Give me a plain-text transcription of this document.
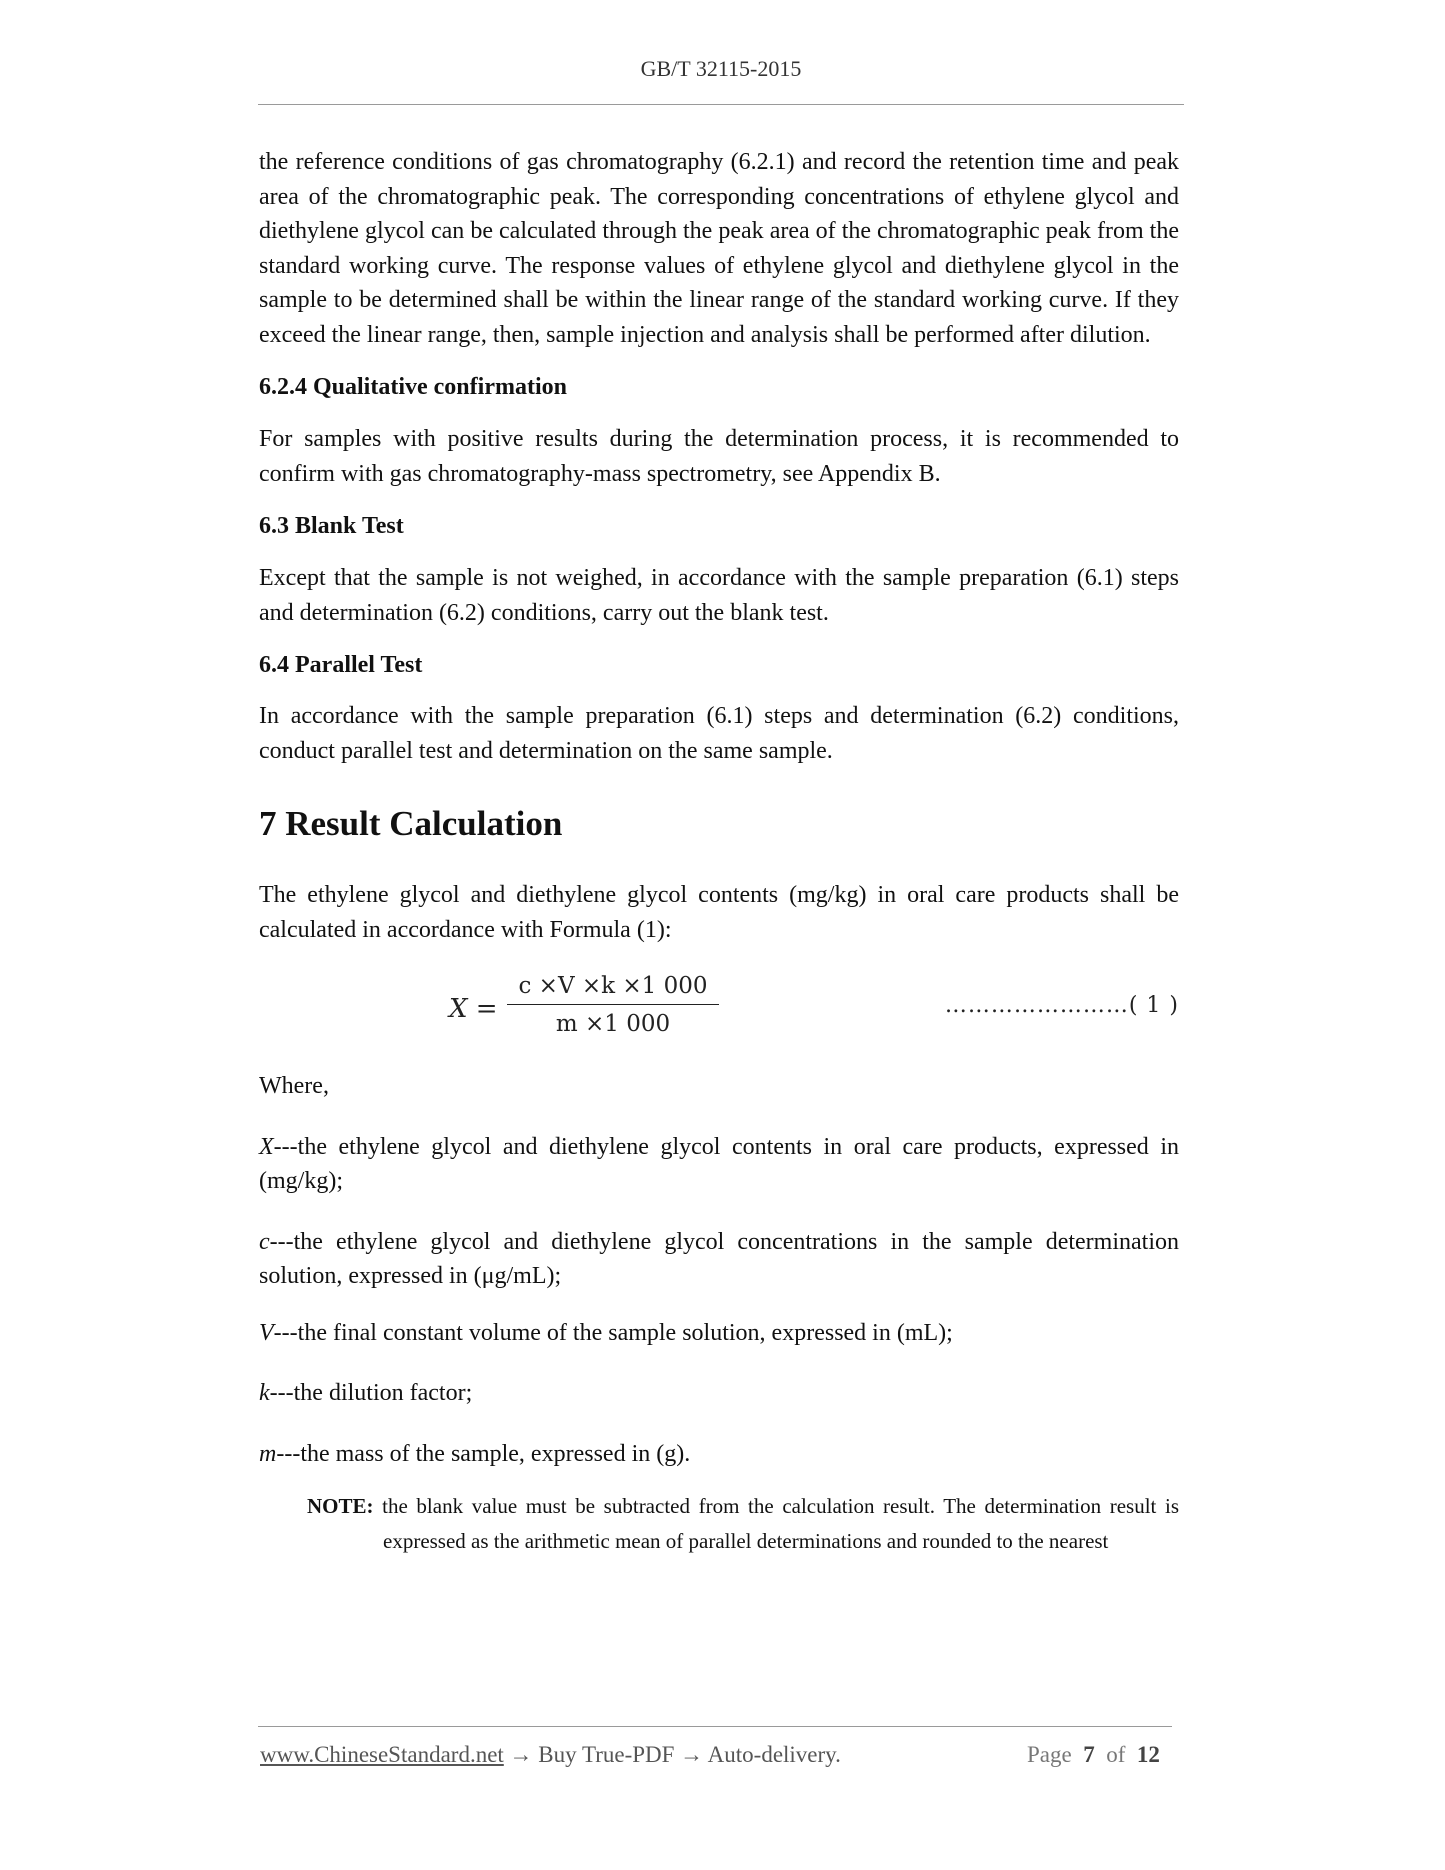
GB/T 32115-2015

the reference conditions of gas chromatography (6.2.1) and record the retention time and peak area of the chromatographic peak. The corresponding concentrations of ethylene glycol and diethylene glycol can be calculated through the peak area of the chromatographic peak from the standard working curve. The response values of ethylene glycol and diethylene glycol in the sample to be determined shall be within the linear range of the standard working curve. If they exceed the linear range, then, sample injection and analysis shall be performed after dilution.

6.2.4 Qualitative confirmation

For samples with positive results during the determination process, it is recommended to confirm with gas chromatography-mass spectrometry, see Appendix B.

6.3 Blank Test

Except that the sample is not weighed, in accordance with the sample preparation (6.1) steps and determination (6.2) conditions, carry out the blank test.

6.4 Parallel Test

In accordance with the sample preparation (6.1) steps and determination (6.2) conditions, conduct parallel test and determination on the same sample.

7 Result Calculation

The ethylene glycol and diethylene glycol contents (mg/kg) in oral care products shall be calculated in accordance with Formula (1):

X =
c ×V ×k ×1 000
m ×1 000
……………………( 1 )

Where,

X---the ethylene glycol and diethylene glycol contents in oral care products, expressed in (mg/kg);

c---the ethylene glycol and diethylene glycol concentrations in the sample determination solution, expressed in (μg/mL);

V---the final constant volume of the sample solution, expressed in (mL);

k---the dilution factor;

m---the mass of the sample, expressed in (g).

NOTE: the blank value must be subtracted from the calculation result. The determination result is expressed as the arithmetic mean of parallel determinations and rounded to the nearest

www.ChineseStandard.net → Buy True-PDF → Auto-delivery.	Page 7 of 12
